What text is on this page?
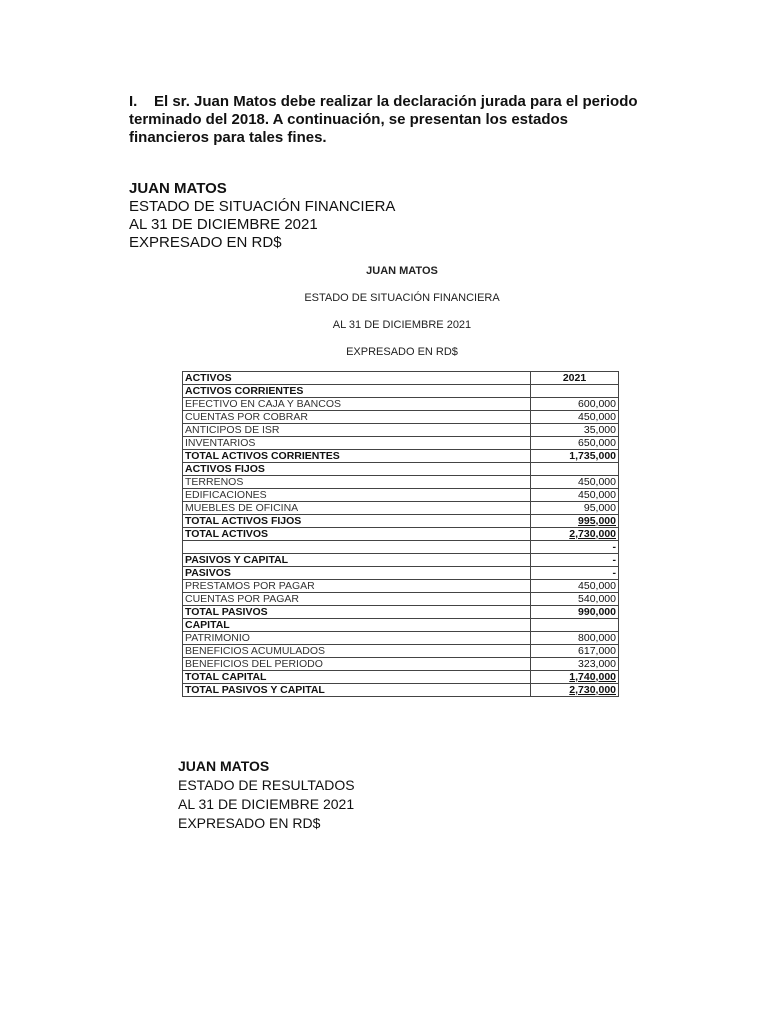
I. El sr. Juan Matos debe realizar la declaración jurada para el periodo terminado del 2018. A continuación, se presentan los estados financieros para tales fines.
JUAN MATOS
ESTADO DE SITUACIÓN FINANCIERA
AL 31 DE DICIEMBRE 2021
EXPRESADO EN RD$
JUAN MATOS
ESTADO DE SITUACIÓN FINANCIERA
AL 31 DE DICIEMBRE 2021
EXPRESADO EN RD$
ACTIVOS	2021
ACTIVOS CORRIENTES	
EFECTIVO EN CAJA Y BANCOS	600,000
CUENTAS POR COBRAR	450,000
ANTICIPOS DE ISR	35,000
INVENTARIOS	650,000
TOTAL ACTIVOS CORRIENTES	1,735,000
ACTIVOS FIJOS	
TERRENOS	450,000
EDIFICACIONES	450,000
MUEBLES DE OFICINA	95,000
TOTAL ACTIVOS FIJOS	995,000
TOTAL ACTIVOS	2,730,000
	-
PASIVOS Y CAPITAL	-
PASIVOS	-
PRESTAMOS POR PAGAR	450,000
CUENTAS POR PAGAR	540,000
TOTAL PASIVOS	990,000
CAPITAL	
PATRIMONIO	800,000
BENEFICIOS ACUMULADOS	617,000
BENEFICIOS DEL PERIODO	323,000
TOTAL CAPITAL	1,740,000
TOTAL PASIVOS Y CAPITAL	2,730,000
JUAN MATOS
ESTADO DE RESULTADOS
AL 31 DE DICIEMBRE 2021
EXPRESADO EN RD$
